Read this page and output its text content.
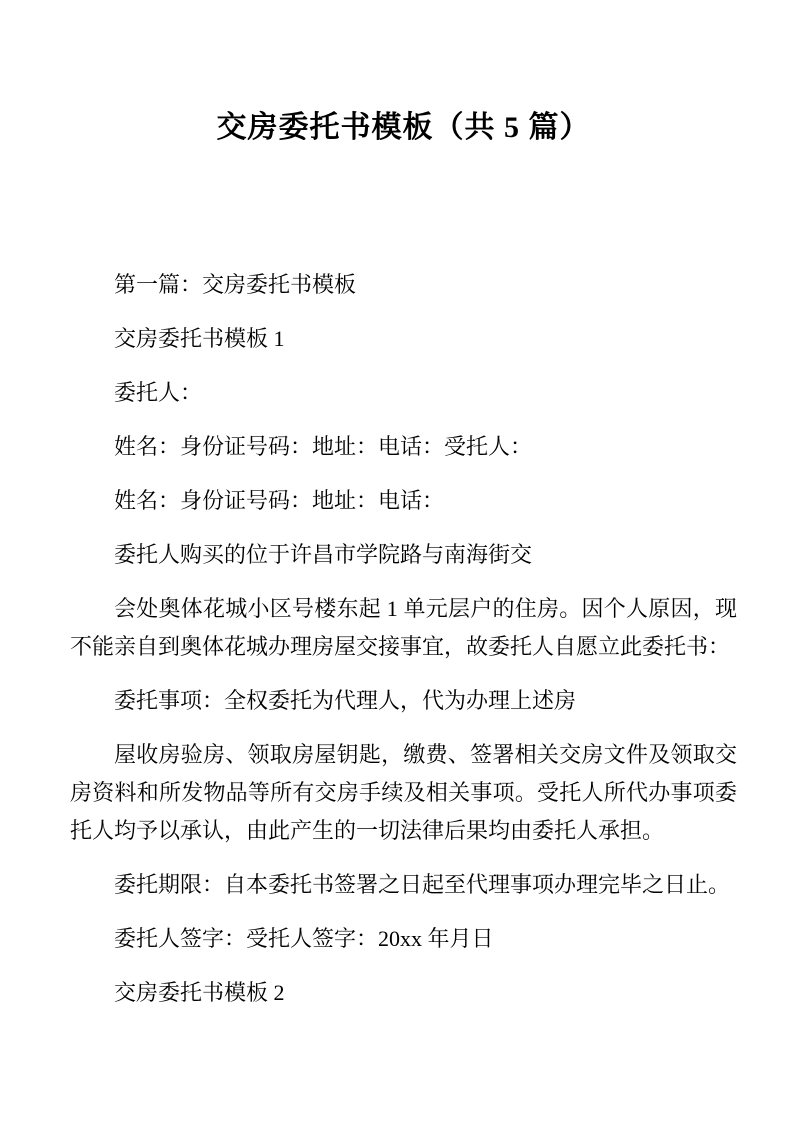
交房委托书模板（共 5 篇）

第一篇：交房委托书模板

交房委托书模板 1

委托人：

姓名：身份证号码：地址：电话：受托人：

姓名：身份证号码：地址：电话：

委托人购买的位于许昌市学院路与南海街交

会处奥体花城小区号楼东起 1 单元层户的住房。因个人原因，现不能亲自到奥体花城办理房屋交接事宜，故委托人自愿立此委托书：

委托事项：全权委托为代理人，代为办理上述房

屋收房验房、领取房屋钥匙，缴费、签署相关交房文件及领取交房资料和所发物品等所有交房手续及相关事项。受托人所代办事项委托人均予以承认，由此产生的一切法律后果均由委托人承担。

委托期限：自本委托书签署之日起至代理事项办理完毕之日止。

委托人签字：受托人签字：20xx 年月日

交房委托书模板 2
